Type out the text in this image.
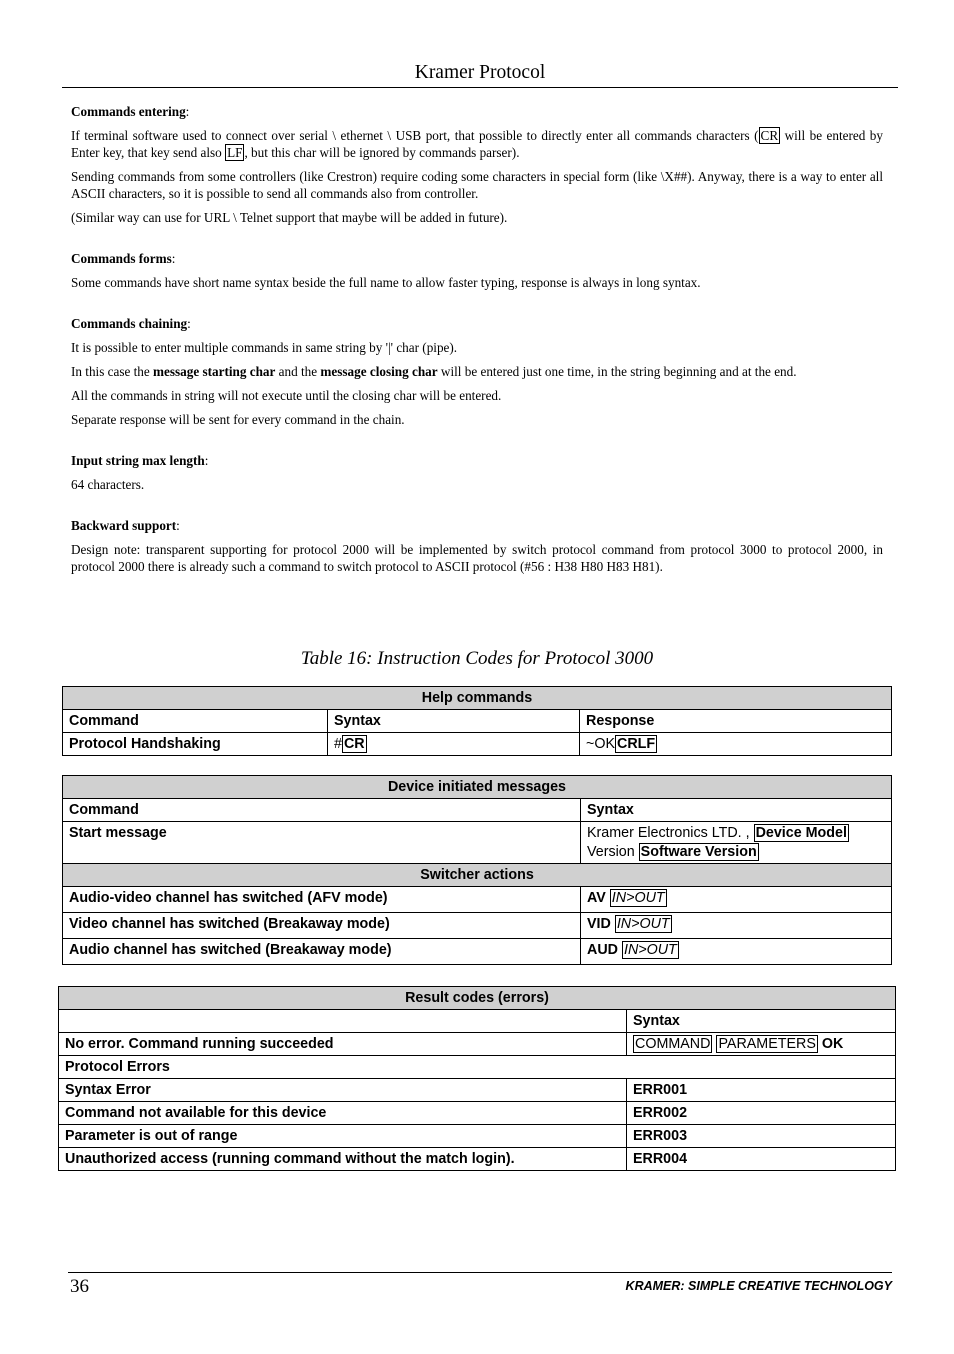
Kramer Protocol
Commands entering:

If terminal software used to connect over serial \ ethernet \ USB port, that possible to directly enter all commands characters ( CR will be entered by Enter key, that key send also LF , but this char will be ignored by commands parser).

Sending commands from some controllers (like Crestron) require coding some characters in special form (like \X##). Anyway, there is a way to enter all ASCII characters, so it is possible to send all commands also from controller.

(Similar way can use for URL \ Telnet support that maybe will be added in future).

Commands forms:

Some commands have short name syntax beside the full name to allow faster typing, response is always in long syntax.

Commands chaining:

It is possible to enter multiple commands in same string by '|' char (pipe).

In this case the message starting char and the message closing char will be entered just one time, in the string beginning and at the end.

All the commands in string will not execute until the closing char will be entered.

Separate response will be sent for every command in the chain.

Input string max length:

64 characters.

Backward support:

Design note: transparent supporting for protocol 2000 will be implemented by switch protocol command from protocol 3000 to protocol 2000, in protocol 2000 there is already such a command to switch protocol to ASCII protocol (#56 : H38 H80 H83 H81).

Table 16: Instruction Codes for Protocol 3000
Help commands		
Command	Syntax	Response
Protocol Handshaking	# CR	~OK CRLF
Device initiated messages	
Command	Syntax
Start message	Kramer Electronics LTD. , Device Model
Version Software Version

Switcher actions	
Audio-video channel has switched (AFV mode)	AV IN>OUT
Video channel has switched (Breakaway mode)	VID IN>OUT
Audio channel has switched (Breakaway mode)	AUD IN>OUT
Result codes (errors)	
	Syntax
No error. Command running succeeded	COMMAND PARAMETERS OK
Protocol Errors	
Syntax Error	ERR001
Command not available for this device	ERR002
Parameter is out of range	ERR003
Unauthorized access (running command without the match login).	ERR004
36	KRAMER: SIMPLE CREATIVE TECHNOLOGY
